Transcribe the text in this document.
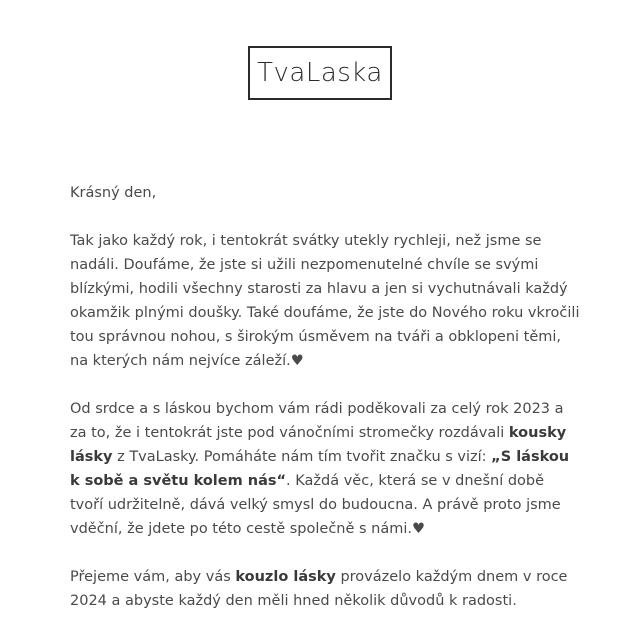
TvaLaska

Krásný den,

Tak jako každý rok, i tentokrát svátky utekly rychleji, než jsme se nadáli. Doufáme, že jste si užili nezpomenutelné chvíle se svými blízkými, hodili všechny starosti za hlavu a jen si vychutnávali každý okamžik plnými doušky. Také doufáme, že jste do Nového roku vkročili tou správnou nohou, s širokým úsměvem na tváři a obklopeni těmi, na kterých nám nejvíce záleží.♥

Od srdce a s láskou bychom vám rádi poděkovali za celý rok 2023 a za to, že i tentokrát jste pod vánočními stromečky rozdávali kousky lásky z TvaLasky. Pomáháte nám tím tvořit značku s vizí: „S láskou k sobě a světu kolem nás“. Každá věc, která se v dnešní době tvoří udržitelně, dává velký smysl do budoucna. A právě proto jsme vděční, že jdete po této cestě společně s námi.♥

Přejeme vám, aby vás kouzlo lásky provázelo každým dnem v roce 2024 a abyste každý den měli hned několik důvodů k radosti.
